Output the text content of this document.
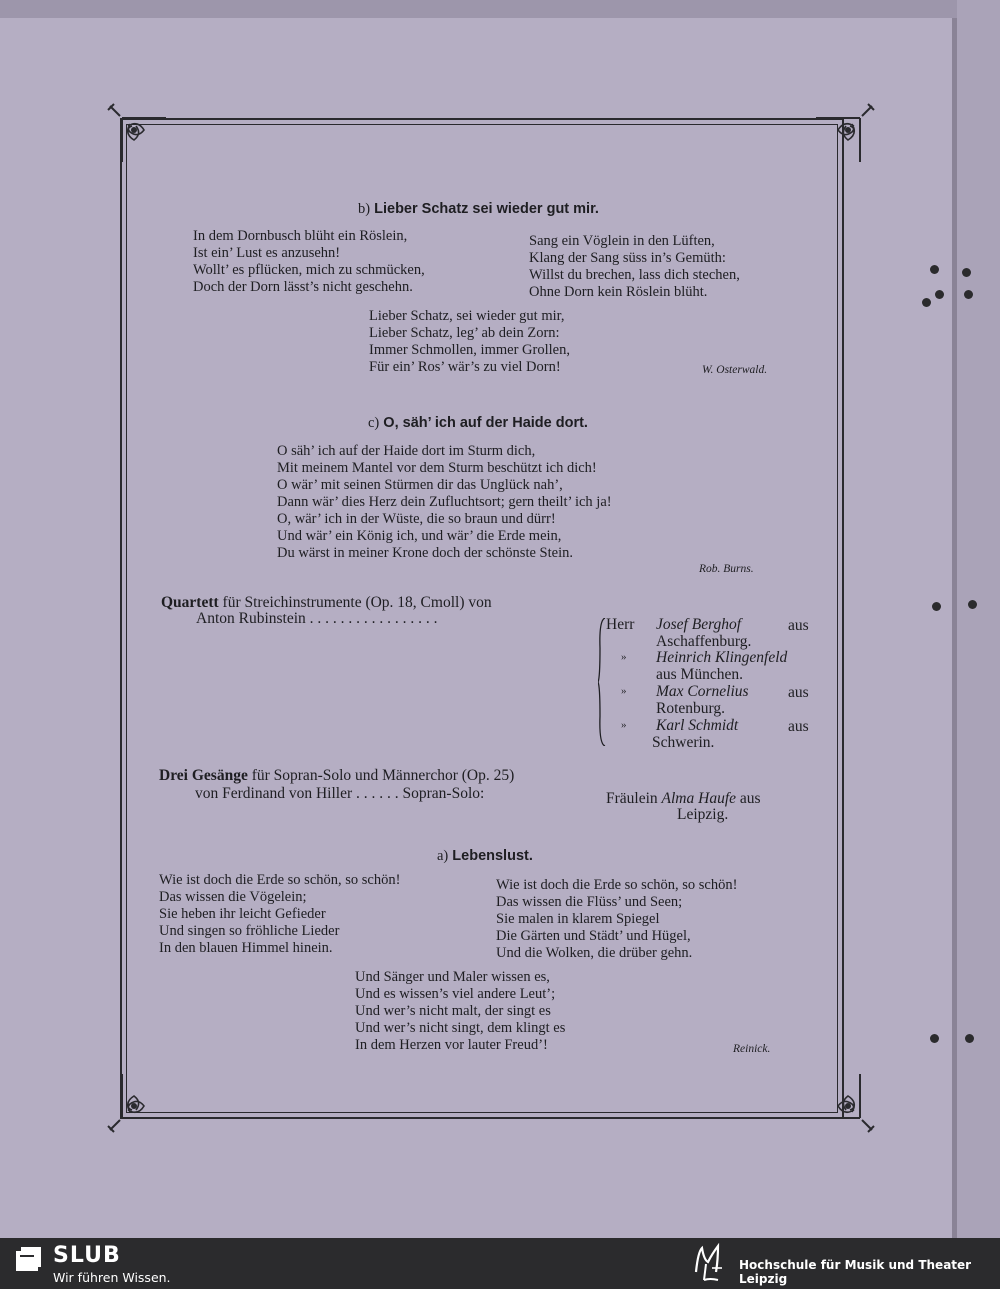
b) Lieber Schatz sei wieder gut mir.
In dem Dornbusch blüht ein Röslein,
Ist ein’ Lust es anzusehn!
Wollt’ es pflücken, mich zu schmücken,
Doch der Dorn lässt’s nicht geschehn.
Sang ein Vöglein in den Lüften,
Klang der Sang süss in’s Gemüth:
Willst du brechen, lass dich stechen,
Ohne Dorn kein Röslein blüht.
Lieber Schatz, sei wieder gut mir,
Lieber Schatz, leg’ ab dein Zorn:
Immer Schmollen, immer Grollen,
Für ein’ Ros’ wär’s zu viel Dorn!	W. Osterwald.
c) O, säh’ ich auf der Haide dort.
O säh’ ich auf der Haide dort im Sturm dich,
Mit meinem Mantel vor dem Sturm beschützt ich dich!
O wär’ mit seinen Stürmen dir das Unglück nah’,
Dann wär’ dies Herz dein Zufluchtsort; gern theilt’ ich ja!
O, wär’ ich in der Wüste, die so braun und dürr!
Und wär’ ein König ich, und wär’ die Erde mein,
Du wärst in meiner Krone doch der schönste Stein.
Rob. Burns.
Quartett für Streichinstrumente (Op. 18, Cmoll) von
Anton Rubinstein . . . . . . . . . . . . . . . . .	Herr Josef Berghof	aus
Aschaffenburg.
» Heinrich Klingenfeld
aus München.
» Max Cornelius	aus
Rotenburg.
» Karl Schmidt	aus
Schwerin.
Drei Gesänge für Sopran-Solo und Männerchor (Op. 25)
von Ferdinand von Hiller . . . . . . Sopran-Solo:	Fräulein Alma Haufe aus
Leipzig.
a) Lebenslust.
Wie ist doch die Erde so schön, so schön!
Das wissen die Vögelein;
Sie heben ihr leicht Gefieder
Und singen so fröhliche Lieder
In den blauen Himmel hinein.
Wie ist doch die Erde so schön, so schön!
Das wissen die Flüss’ und Seen;
Sie malen in klarem Spiegel
Die Gärten und Städt’ und Hügel,
Und die Wolken, die drüber gehn.
Und Sänger und Maler wissen es,
Und es wissen’s viel andere Leut’;
Und wer’s nicht malt, der singt es
Und wer’s nicht singt, dem klingt es
In dem Herzen vor lauter Freud’!	Reinick.
SLUB
Wir führen Wissen.
Hochschule für Musik und Theater Leipzig
